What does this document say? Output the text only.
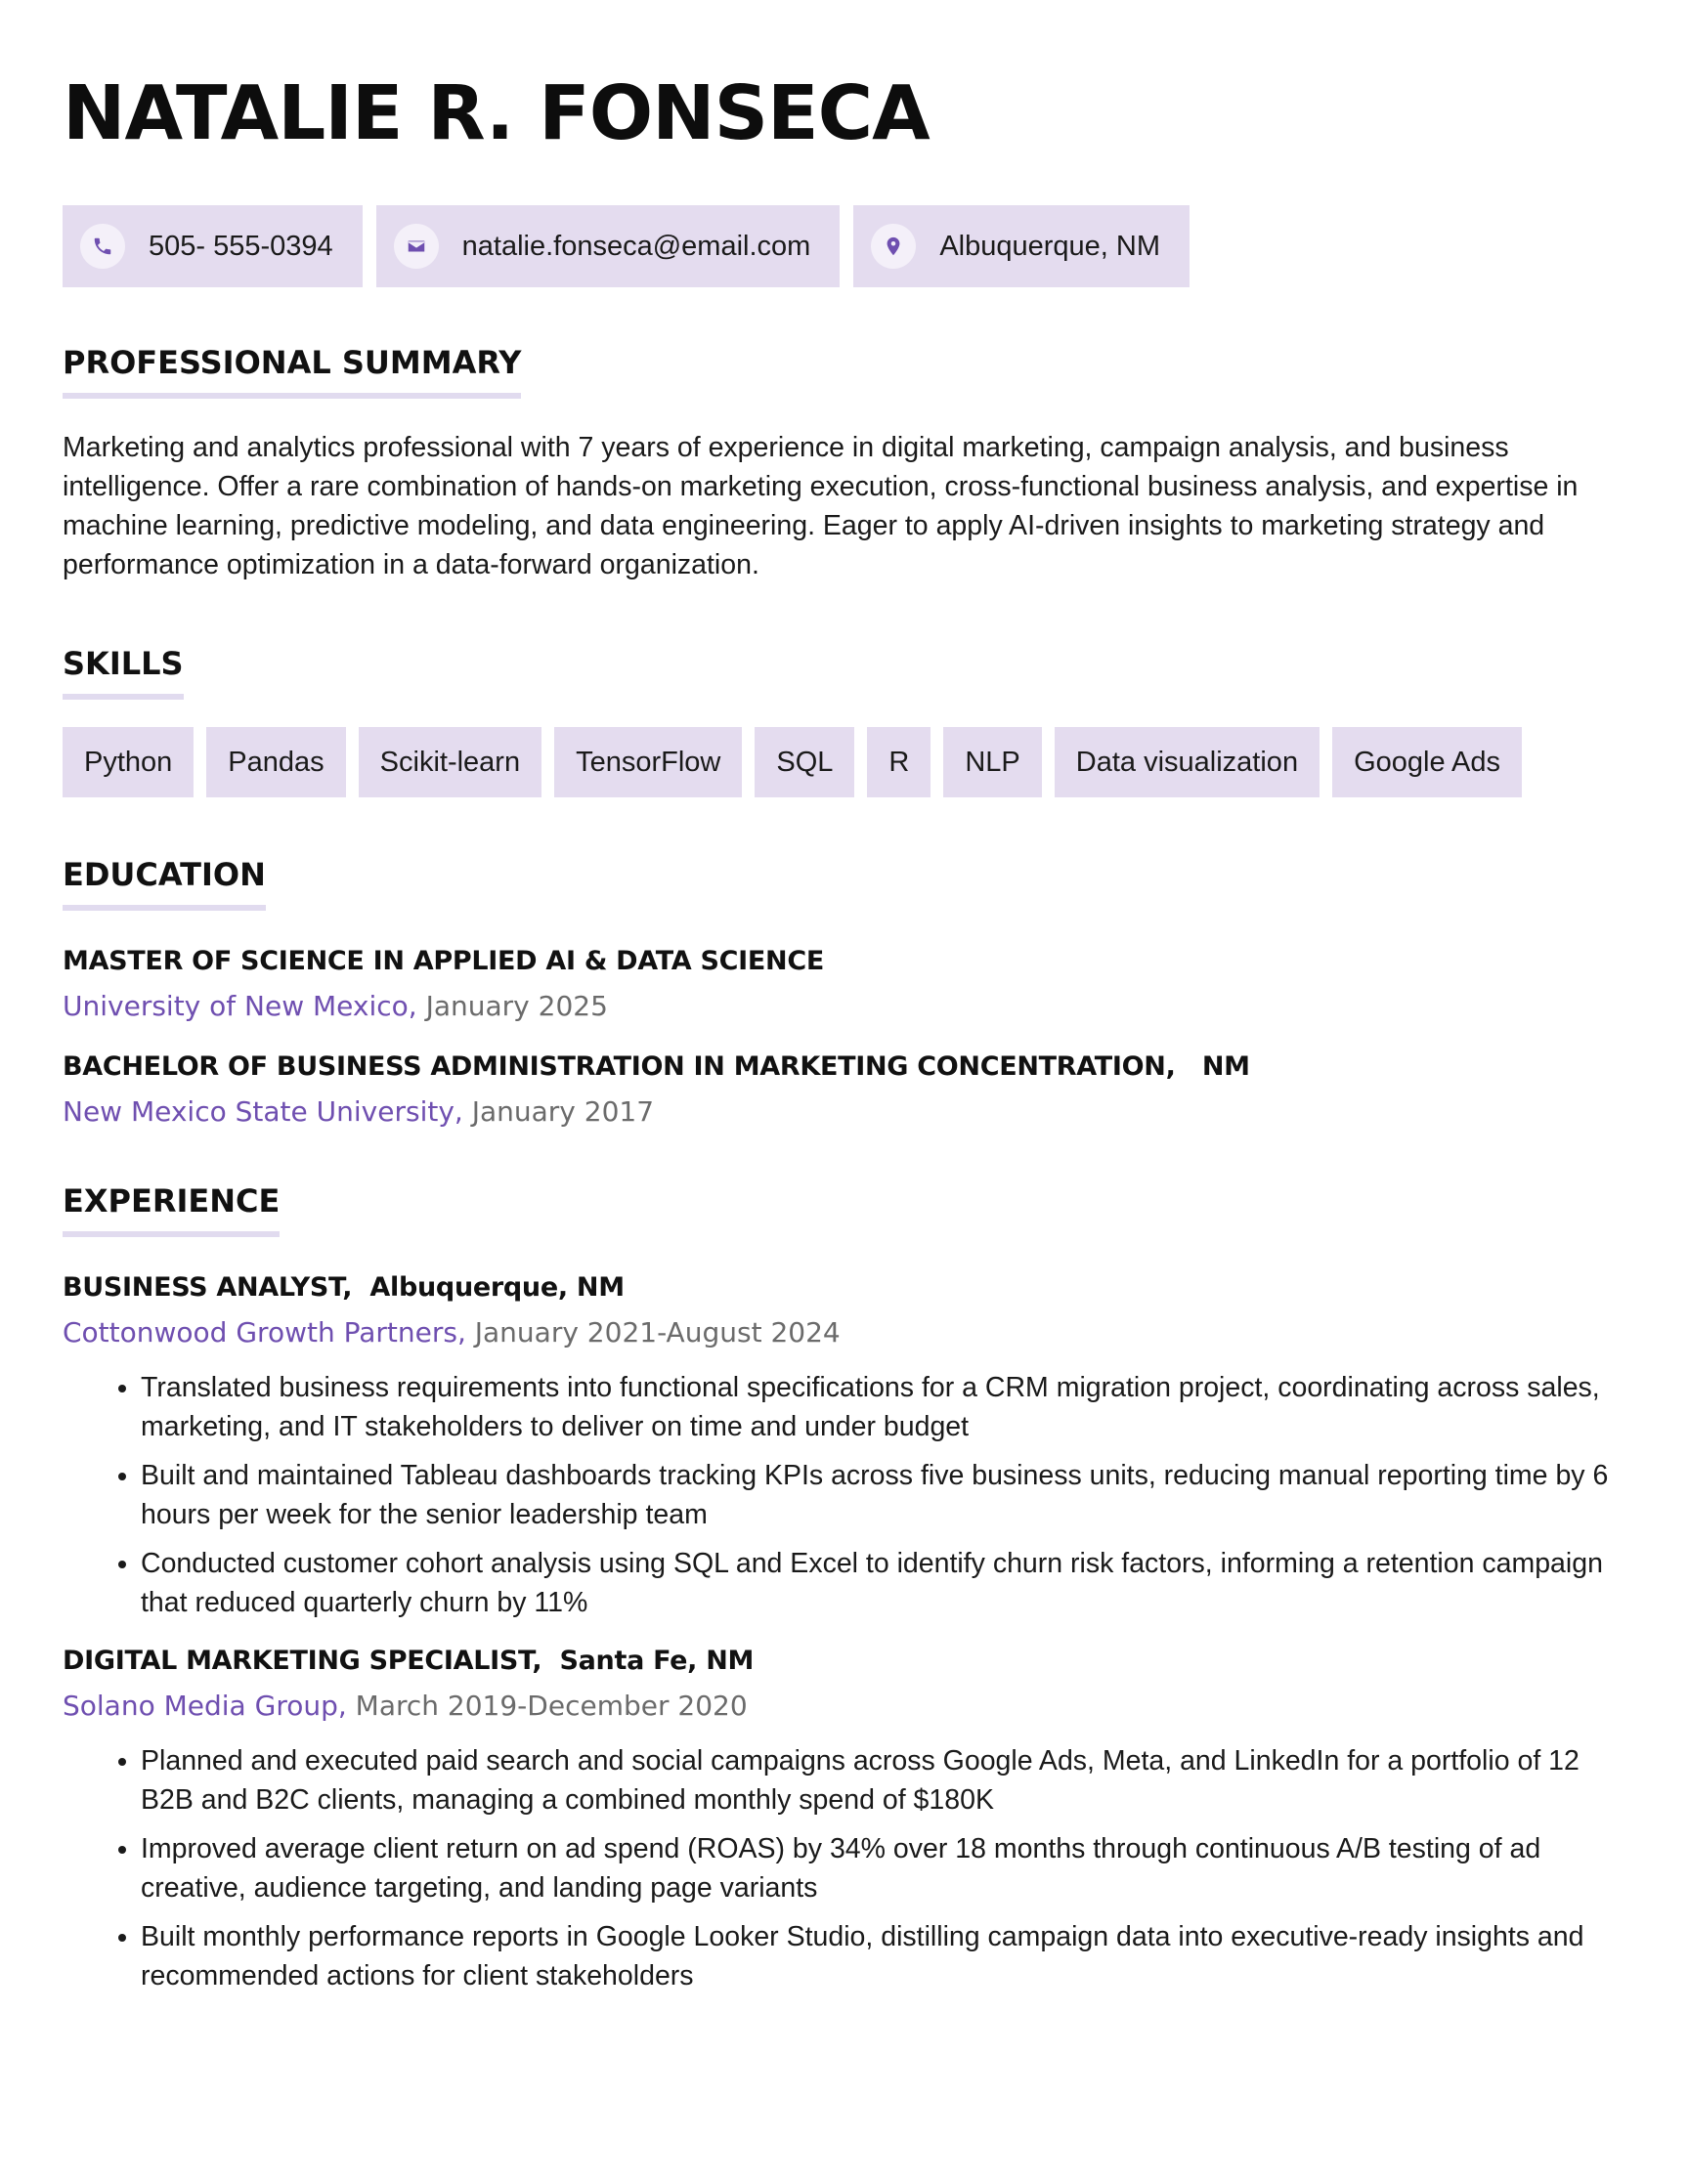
NATALIE R. FONSECA
505- 555-0394	natalie.fonseca@email.com	Albuquerque, NM
PROFESSIONAL SUMMARY
Marketing and analytics professional with 7 years of experience in digital marketing, campaign analysis, and business intelligence. Offer a rare combination of hands-on marketing execution, cross-functional business analysis, and expertise in machine learning, predictive modeling, and data engineering. Eager to apply AI-driven insights to marketing strategy and performance optimization in a data-forward organization.
SKILLS
Python	Pandas	Scikit-learn	TensorFlow	SQL	R	NLP	Data visualization	Google Ads
EDUCATION
MASTER OF SCIENCE IN APPLIED AI & DATA SCIENCE
University of New Mexico, January 2025
BACHELOR OF BUSINESS ADMINISTRATION IN MARKETING CONCENTRATION,   NM
New Mexico State University, January 2017
EXPERIENCE
BUSINESS ANALYST,  Albuquerque, NM
Cottonwood Growth Partners, January 2021-August 2024
• Translated business requirements into functional specifications for a CRM migration project, coordinating across sales, marketing, and IT stakeholders to deliver on time and under budget
• Built and maintained Tableau dashboards tracking KPIs across five business units, reducing manual reporting time by 6 hours per week for the senior leadership team
• Conducted customer cohort analysis using SQL and Excel to identify churn risk factors, informing a retention campaign that reduced quarterly churn by 11%
DIGITAL MARKETING SPECIALIST,  Santa Fe, NM
Solano Media Group, March 2019-December 2020
• Planned and executed paid search and social campaigns across Google Ads, Meta, and LinkedIn for a portfolio of 12 B2B and B2C clients, managing a combined monthly spend of $180K
• Improved average client return on ad spend (ROAS) by 34% over 18 months through continuous A/B testing of ad creative, audience targeting, and landing page variants
• Built monthly performance reports in Google Looker Studio, distilling campaign data into executive-ready insights and recommended actions for client stakeholders
